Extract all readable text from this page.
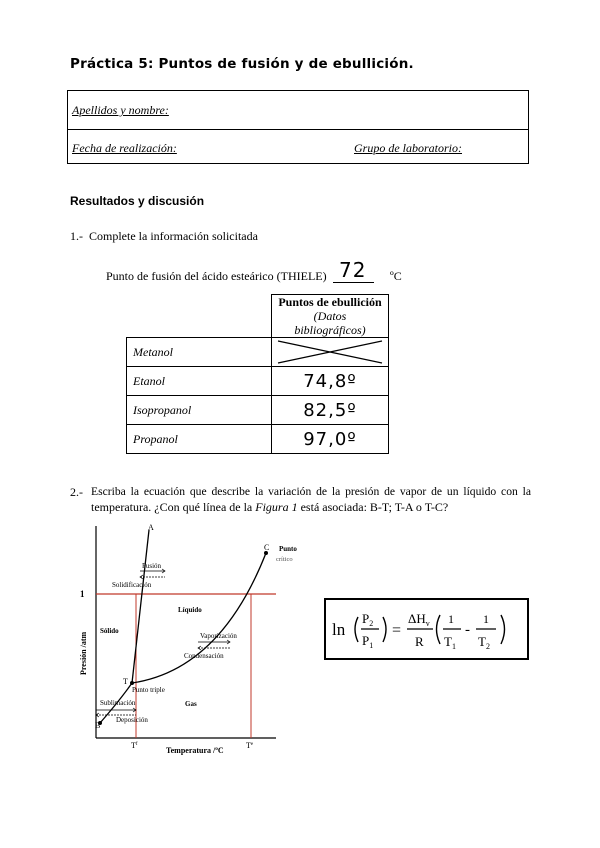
Práctica 5: Puntos de fusión y de ebullición.
Apellidos y nombre:
Fecha de realización:	Grupo de laboratorio:
Resultados y discusión
1.- Complete la información solicitada
Punto de fusión del ácido esteárico (THIELE) 72 ºC

	Puntos de ebullición
(Datos bibliográficos)

Metanol	

Etanol	74,8º
Isopropanol	82,5º
Propanol	97,0º
2.- Escriba la ecuación que describe la variación de la presión de vapor de un líquido con la
temperatura. ¿Con qué línea de la Figura 1 está asociada: B-T; T-A o T-C?
A
C Punto
crítico
Fusión
Solidificación
Líquido
Sólido
Vaporización
Condensación
T
Punto triple
Sublimación
Deposición
Gas
B
1
Presión /atm
Temperatura /ºC
$T^f$	$T^e$
ln
$P_2$
$P_1$
=
$\Delta H_v$
R
1
$T_1$
-
1
$T_2$
